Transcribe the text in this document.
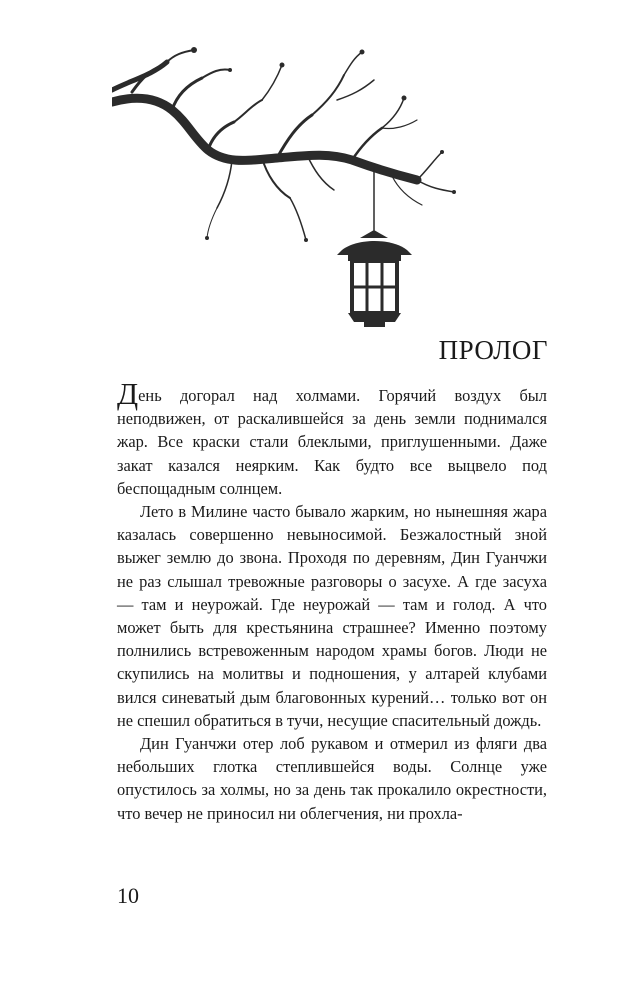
ПРОЛОГ

День догорал над холмами. Горячий воздух был неподвижен, от раскалившейся за день земли поднимался жар. Все краски стали блеклыми, приглушенными. Даже закат казался неярким. Как будто все выцвело под беспощадным солнцем.

Лето в Милине часто бывало жарким, но нынешняя жара казалась совершенно невыносимой. Безжалостный зной выжег землю до звона. Проходя по деревням, Дин Гуанчжи не раз слышал тревожные разговоры о засухе. А где засуха — там и неурожай. Где неурожай — там и голод. А что может быть для крестьянина страшнее? Именно поэтому полнились встревоженным народом храмы богов. Люди не скупились на молитвы и подношения, у алтарей клубами вился синеватый дым благовонных курений… только вот он не спешил обратиться в тучи, несущие спасительный дождь.

Дин Гуанчжи отер лоб рукавом и отмерил из фляги два небольших глотка степлившейся воды. Солнце уже опустилось за холмы, но за день так прокалило окрестности, что вечер не приносил ни облегчения, ни прохла-

10
